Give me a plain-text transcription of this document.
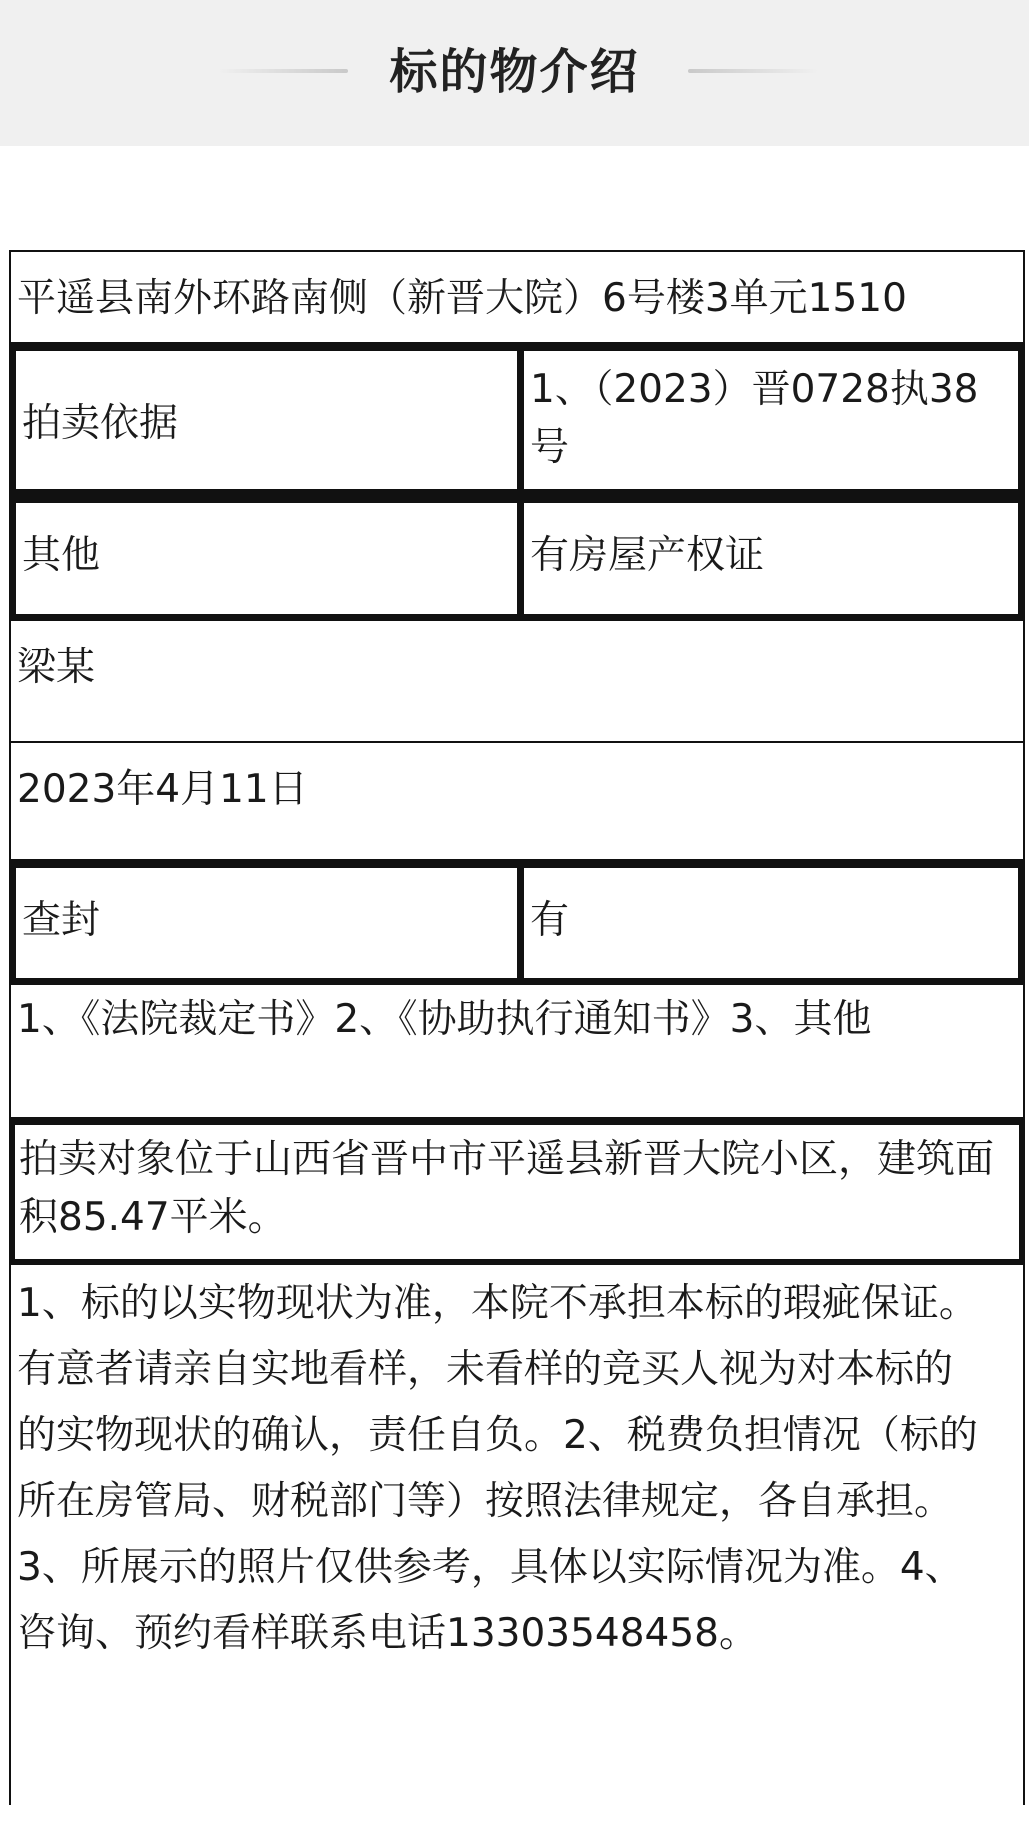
标的物介绍
平遥县南外环路南侧（新晋大院）6号楼3单元1510
拍卖依据
1、（2023）晋0728执38号
其他	有房屋产权证
梁某
2023年4月11日
查封	有
1、《法院裁定书》2、《协助执行通知书》3、其他
拍卖对象位于山西省晋中市平遥县新晋大院小区，建筑面积85.47平米。
1、标的以实物现状为准，本院不承担本标的瑕疵保证。有意者请亲自实地看样，未看样的竞买人视为对本标的的实物现状的确认，责任自负。2、税费负担情况（标的所在房管局、财税部门等）按照法律规定，各自承担。3、所展示的照片仅供参考，具体以实际情况为准。4、咨询、预约看样联系电话13303548458。
